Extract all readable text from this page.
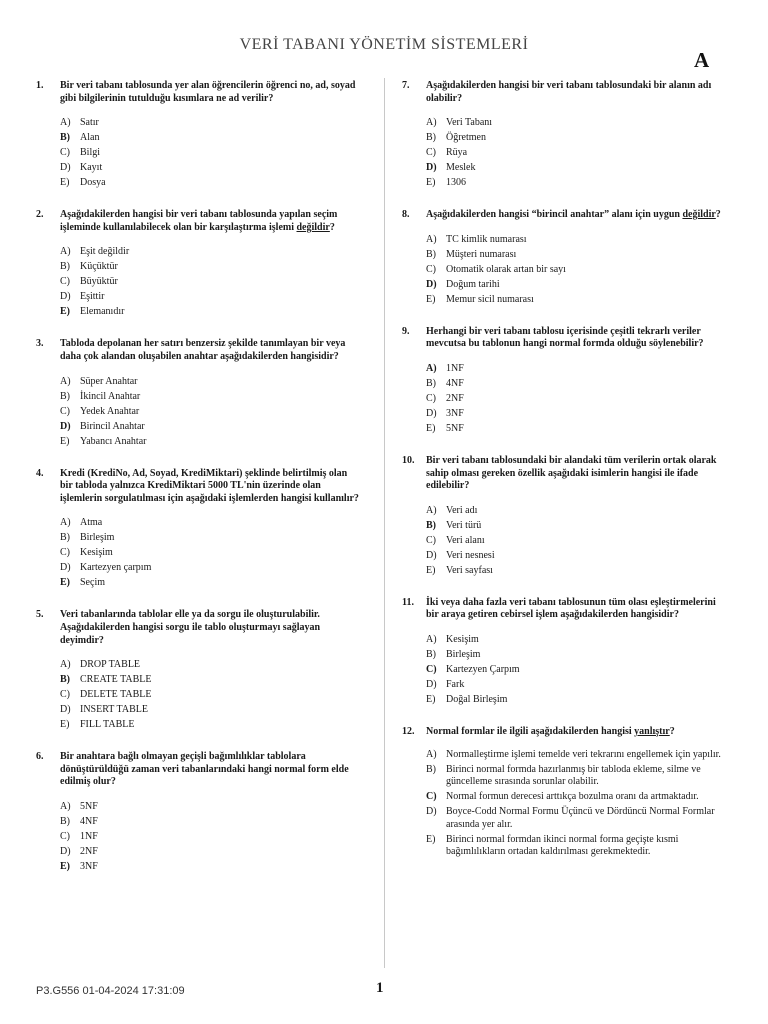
VERİ TABANI YÖNETİM SİSTEMLERİ
A
1. Bir veri tabanı tablosunda yer alan öğrencilerin öğrenci no, ad, soyad gibi bilgilerinin tutulduğu kısımlara ne ad verilir?
A) Satır
B)	Alan
C)	Bilgi
D) Kayıt
E)	Dosya
2. Aşağıdakilerden hangisi bir veri tabanı tablosunda yapılan seçim işleminde kullanılabilecek olan bir karşılaştırma işlemi değildir?
A) Eşit değildir
B)	Küçüktür
C)	Büyüktür
D) Eşittir
E)	Elemanıdır
3. Tabloda depolanan her satırı benzersiz şekilde tanımlayan bir veya daha çok alandan oluşabilen anahtar aşağıdakilerden hangisidir?
A) Süper Anahtar
B)	İkincil Anahtar
C)	Yedek Anahtar
D) Birincil Anahtar
E)	Yabancı Anahtar
4. Kredi (KrediNo, Ad, Soyad, KrediMiktari) şeklinde belirtilmiş olan bir tabloda yalnızca KrediMiktari 5000 TL'nin üzerinde olan işlemlerin sorgulatılması için aşağıdaki işlemlerden hangisi kullanılır?
A) Atma
B)	Birleşim
C)	Kesişim
D) Kartezyen çarpım
E)	Seçim
5. Veri tabanlarında tablolar elle ya da sorgu ile oluşturulabilir. Aşağıdakilerden hangisi sorgu ile tablo oluşturmayı sağlayan deyimdir?
A) DROP TABLE
B)	CREATE TABLE
C)	DELETE TABLE
D) INSERT TABLE
E)	FILL TABLE
6. Bir anahtara bağlı olmayan geçişli bağımlılıklar tablolara dönüştürüldüğü zaman veri tabanlarındaki hangi normal form elde edilmiş olur?
A) 5NF
B)	4NF
C)	1NF
D) 2NF
E)	3NF
7. Aşağıdakilerden hangisi bir veri tabanı tablosundaki bir alanın adı olabilir?
A) Veri Tabanı
B)	Öğretmen
C)	Rüya
D) Meslek
E)	1306
8. Aşağıdakilerden hangisi “birincil anahtar” alanı için uygun değildir?
A) TC kimlik numarası
B)	Müşteri numarası
C)	Otomatik olarak artan bir sayı
D) Doğum tarihi
E)	Memur sicil numarası
9. Herhangi bir veri tabanı tablosu içerisinde çeşitli tekrarlı veriler mevcutsa bu tablonun hangi normal formda olduğu söylenebilir?
A) 1NF
B)	4NF
C)	2NF
D) 3NF
E)	5NF
10. Bir veri tabanı tablosundaki bir alandaki tüm verilerin ortak olarak sahip olması gereken özellik aşağıdaki isimlerin hangisi ile ifade edilebilir?
A) Veri adı
B)	Veri türü
C)	Veri alanı
D) Veri nesnesi
E)	Veri sayfası
11. İki veya daha fazla veri tabanı tablosunun tüm olası eşleştirmelerini bir araya getiren cebirsel işlem aşağıdakilerden hangisidir?
A) Kesişim
B)	Birleşim
C) Kartezyen Çarpım
D) Fark
E)	Doğal Birleşim
12. Normal formlar ile ilgili aşağıdakilerden hangisi yanlıştır?
A) Normalleştirme işlemi temelde veri tekrarını engellemek için yapılır.
B)	Birinci normal formda hazırlanmış bir tabloda ekleme, silme ve güncelleme sırasında sorunlar olabilir.
C) Normal formun derecesi arttıkça bozulma oranı da artmaktadır.
D) Boyce-Codd Normal Formu Üçüncü ve Dördüncü Normal Formlar arasında yer alır.
E)	Birinci normal formdan ikinci normal forma geçişte kısmi bağımlılıkların ortadan kaldırılması gerekmektedir.
P3.G556 01-04-2024 17:31:09	1
